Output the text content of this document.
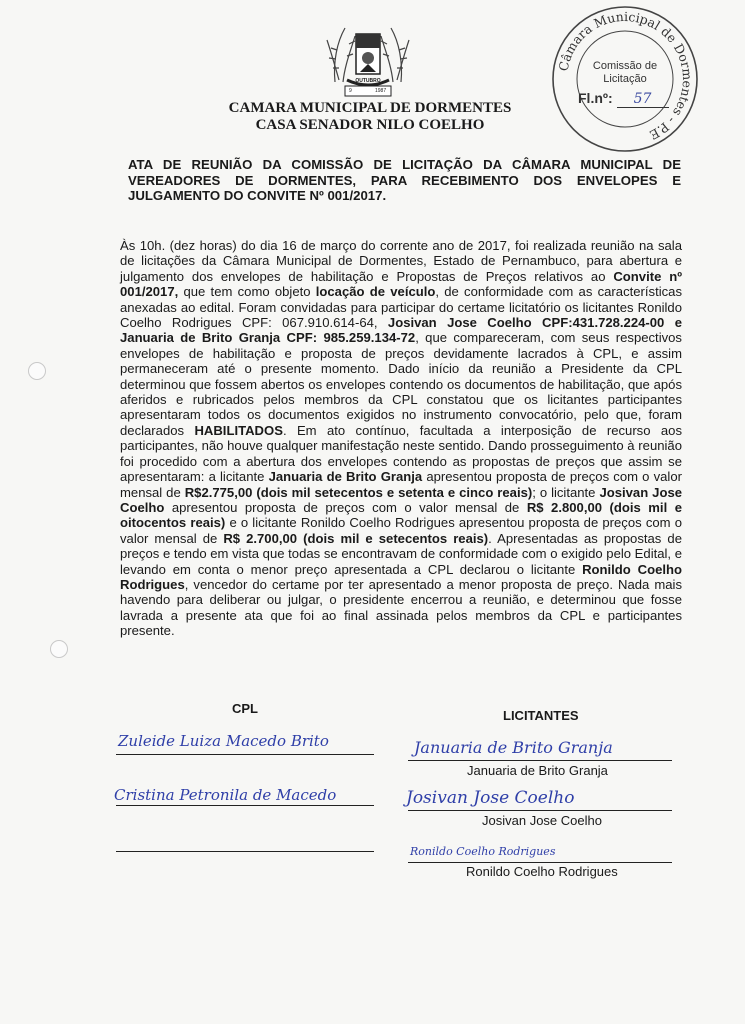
OUTUBRO
9	1987
CAMARA MUNICIPAL DE DORMENTES
CASA SENADOR NILO COELHO
Câmara Municipal de Dormentes - P.E
Comissão de
Licitação
Fl.nº: 57
ATA DE REUNIÃO DA COMISSÃO DE LICITAÇÃO DA CÂMARA MUNICIPAL DE VEREADORES DE DORMENTES, PARA RECEBIMENTO DOS ENVELOPES E JULGAMENTO DO CONVITE Nº 001/2017.
Às 10h. (dez horas) do dia 16 de março do corrente ano de 2017, foi realizada reunião na sala de licitações da Câmara Municipal de Dormentes, Estado de Pernambuco, para abertura e julgamento dos envelopes de habilitação e Propostas de Preços relativos ao Convite nº 001/2017, que tem como objeto locação de veículo, de conformidade com as características anexadas ao edital. Foram convidadas para participar do certame licitatório os licitantes Ronildo Coelho Rodrigues CPF: 067.910.614-64, Josivan Jose Coelho CPF:431.728.224-00 e Januaria de Brito Granja CPF: 985.259.134-72, que compareceram, com seus respectivos envelopes de habilitação e proposta de preços devidamente lacrados à CPL, e assim permaneceram até o presente momento. Dado início da reunião a Presidente da CPL determinou que fossem abertos os envelopes contendo os documentos de habilitação, que após aferidos e rubricados pelos membros da CPL constatou que os licitantes participantes apresentaram todos os documentos exigidos no instrumento convocatório, pelo que, foram declarados HABILITADOS. Em ato contínuo, facultada a interposição de recurso aos participantes, não houve qualquer manifestação neste sentido. Dando prosseguimento à reunião foi procedido com a abertura dos envelopes contendo as propostas de preços que assim se apresentaram: a licitante Januaria de Brito Granja apresentou proposta de preços com o valor mensal de R$2.775,00 (dois mil setecentos e setenta e cinco reais); o licitante Josivan Jose Coelho apresentou proposta de preços com o valor mensal de R$ 2.800,00 (dois mil e oitocentos reais) e o licitante Ronildo Coelho Rodrigues apresentou proposta de preços com o valor mensal de R$ 2.700,00 (dois mil e setecentos reais). Apresentadas as propostas de preços e tendo em vista que todas se encontravam de conformidade com o exigido pelo Edital, e levando em conta o menor preço apresentada a CPL declarou o licitante Ronildo Coelho Rodrigues, vencedor do certame por ter apresentado a menor proposta de preço. Nada mais havendo para deliberar ou julgar, o presidente encerrou a reunião, e determinou que fosse lavrada a presente ata que foi ao final assinada pelos membros da CPL e participantes presente.
CPL
Zuleide Luiza Macedo Brito
Cristina Petronila de Macedo
LICITANTES
Januaria de Brito Granja
Januaria de Brito Granja
Josivan Jose Coelho
Josivan Jose Coelho
Ronildo Coelho Rodrigues
Ronildo Coelho Rodrigues
